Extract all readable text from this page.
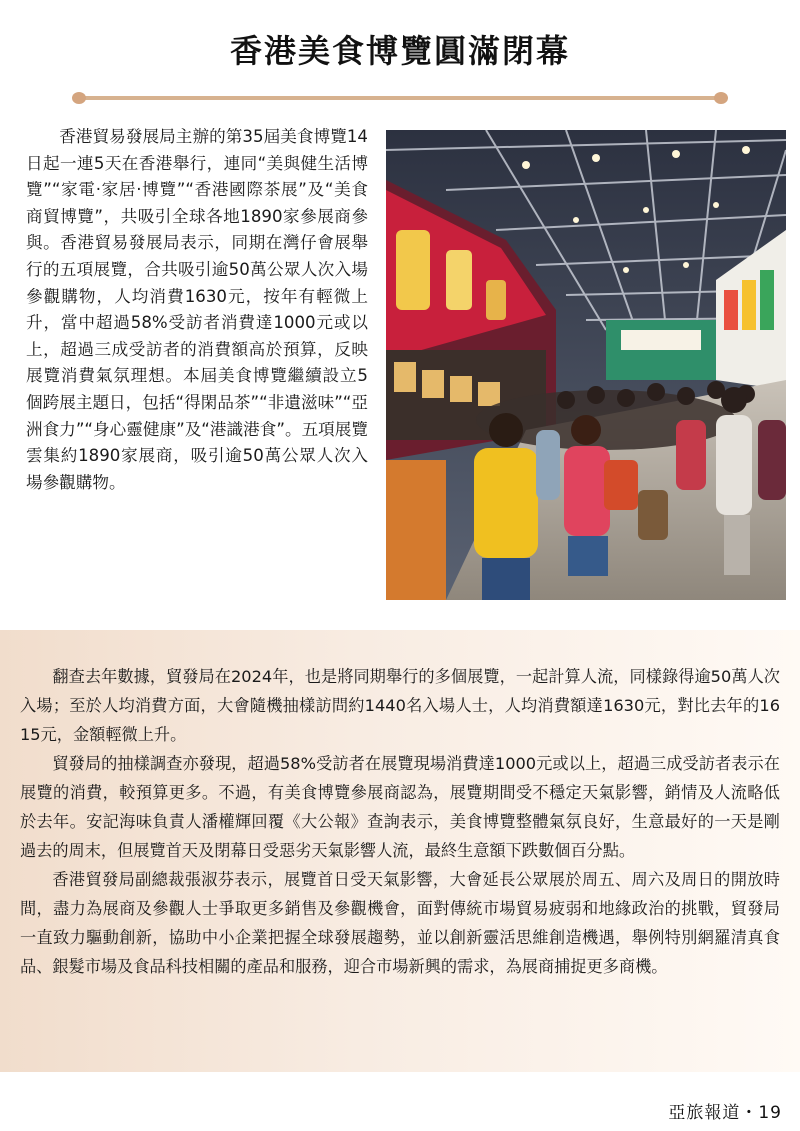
香港美食博覽圓滿閉幕

香港貿易發展局主辦的第35屆美食博覽14日起一連5天在香港舉行，連同“美與健生活博覽”“家電·家居·博覽”“香港國際茶展”及“美食商貿博覽”，共吸引全球各地1890家參展商參與。香港貿易發展局表示，同期在灣仔會展舉行的五項展覽，合共吸引逾50萬公眾人次入場參觀購物，人均消費1630元，按年有輕微上升，當中超過58%受訪者消費達1000元或以上，超過三成受訪者的消費額高於預算，反映展覽消費氣氛理想。本屆美食博覽繼續設立5個跨展主題日，包括“得閑品茶”“非遺滋味”“亞洲食力”“身心靈健康”及“港識港食”。五項展覽雲集約1890家展商，吸引逾50萬公眾人次入場參觀購物。

翻查去年數據，貿發局在2024年，也是將同期舉行的多個展覽，一起計算人流，同樣錄得逾50萬人次入場；至於人均消費方面，大會隨機抽樣訪問約1440名入場人士，人均消費額達1630元，對比去年的1615元，金額輕微上升。

貿發局的抽樣調查亦發現，超過58%受訪者在展覽現場消費達1000元或以上，超過三成受訪者表示在展覽的消費，較預算更多。不過，有美食博覽參展商認為，展覽期間受不穩定天氣影響，銷情及人流略低於去年。安記海味負責人潘權輝回覆《大公報》查詢表示，美食博覽整體氣氛良好，生意最好的一天是剛過去的周末，但展覽首天及閉幕日受惡劣天氣影響人流，最終生意額下跌數個百分點。

香港貿發局副總裁張淑芬表示，展覽首日受天氣影響，大會延長公眾展於周五、周六及周日的開放時間，盡力為展商及參觀人士爭取更多銷售及參觀機會，面對傳統市場貿易疲弱和地緣政治的挑戰，貿發局一直致力驅動創新，協助中小企業把握全球發展趨勢，並以創新靈活思維創造機遇，舉例特別網羅清真食品、銀髮市場及食品科技相關的產品和服務，迎合市場新興的需求，為展商捕捉更多商機。

亞旅報道・19
